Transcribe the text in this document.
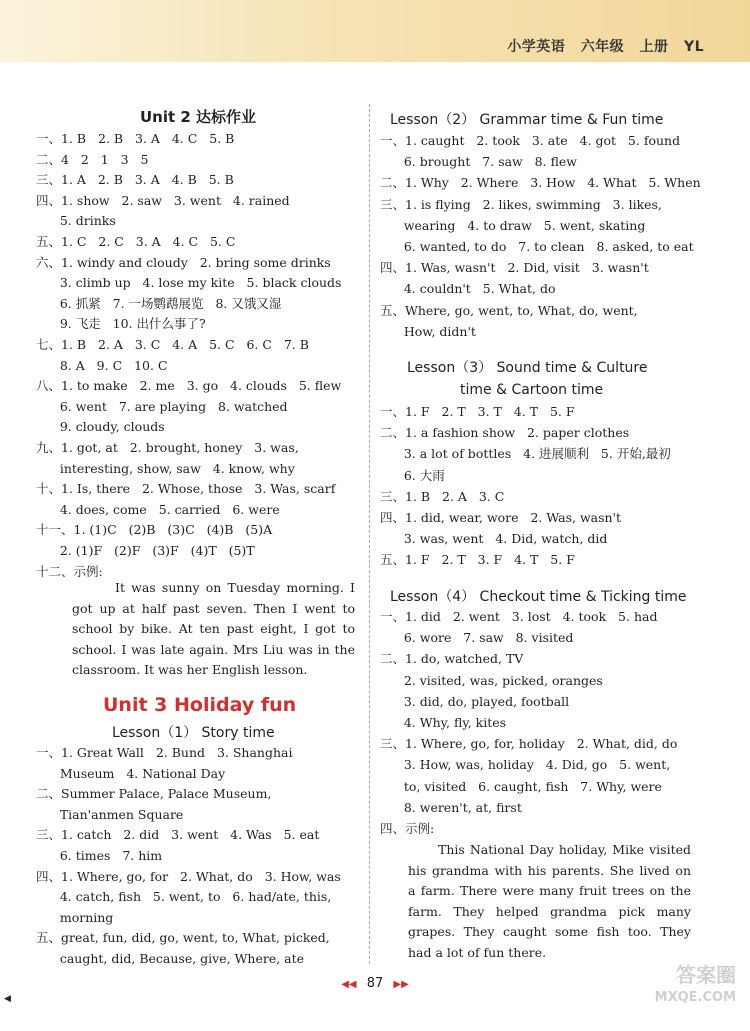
小学英语 六年级 上册 YL
Unit 2 达标作业
一、1. B   2. B   3. A   4. C   5. B
二、4   2   1   3   5
三、1. A   2. B   3. A   4. B   5. B
四、1. show   2. saw   3. went   4. rained
5. drinks
五、1. C   2. C   3. A   4. C   5. C
六、1. windy and cloudy   2. bring some drinks
3. climb up   4. lose my kite   5. black clouds
6. 抓紧   7. 一场鹦鹉展览   8. 又饿又湿
9. 飞走   10. 出什么事了?
七、1. B   2. A   3. C   4. A   5. C   6. C   7. B
8. A   9. C   10. C
八、1. to make   2. me   3. go   4. clouds   5. flew
6. went   7. are playing   8. watched
9. cloudy, clouds
九、1. got, at   2. brought, honey   3. was,
interesting, show, saw   4. know, why
十、1. Is, there   2. Whose, those   3. Was, scarf
4. does, come   5. carried   6. were
十一、1. (1)C   (2)B   (3)C   (4)B   (5)A
2. (1)F   (2)F   (3)F   (4)T   (5)T
十二、示例:
It was sunny on Tuesday morning. I got up at half past seven. Then I went to school by bike. At ten past eight, I got to school. I was late again. Mrs Liu was in the classroom. It was her English lesson.
Unit 3 Holiday fun
Lesson（1） Story time
一、1. Great Wall   2. Bund   3. Shanghai
Museum   4. National Day
二、Summer Palace, Palace Museum,
Tian'anmen Square
三、1. catch   2. did   3. went   4. Was   5. eat
6. times   7. him
四、1. Where, go, for   2. What, do   3. How, was
4. catch, fish   5. went, to   6. had/ate, this,
morning
五、great, fun, did, go, went, to, What, picked,
caught, did, Because, give, Where, ate
Lesson（2） Grammar time & Fun time
一、1. caught   2. took   3. ate   4. got   5. found
6. brought   7. saw   8. flew
二、1. Why   2. Where   3. How   4. What   5. When
三、1. is flying   2. likes, swimming   3. likes,
wearing   4. to draw   5. went, skating
6. wanted, to do   7. to clean   8. asked, to eat
四、1. Was, wasn't   2. Did, visit   3. wasn't
4. couldn't   5. What, do
五、Where, go, went, to, What, do, went,
How, didn't
Lesson（3） Sound time & Culture
time & Cartoon time
一、1. F   2. T   3. T   4. T   5. F
二、1. a fashion show   2. paper clothes
3. a lot of bottles   4. 进展顺利   5. 开始,最初
6. 大雨
三、1. B   2. A   3. C
四、1. did, wear, wore   2. Was, wasn't
3. was, went   4. Did, watch, did
五、1. F   2. T   3. F   4. T   5. F
Lesson（4） Checkout time & Ticking time
一、1. did   2. went   3. lost   4. took   5. had
6. wore   7. saw   8. visited
二、1. do, watched, TV
2. visited, was, picked, oranges
3. did, do, played, football
4. Why, fly, kites
三、1. Where, go, for, holiday   2. What, did, do
3. How, was, holiday   4. Did, go   5. went,
to, visited   6. caught, fish   7. Why, were
8. weren't, at, first
四、示例:
This National Day holiday, Mike visited his grandma with his parents. She lived on a farm. There were many fruit trees on the farm. They helped grandma pick many grapes. They caught some fish too. They had a lot of fun there.
◀◀ 87 ▶▶
◀
答案圈
MXQE.COM
